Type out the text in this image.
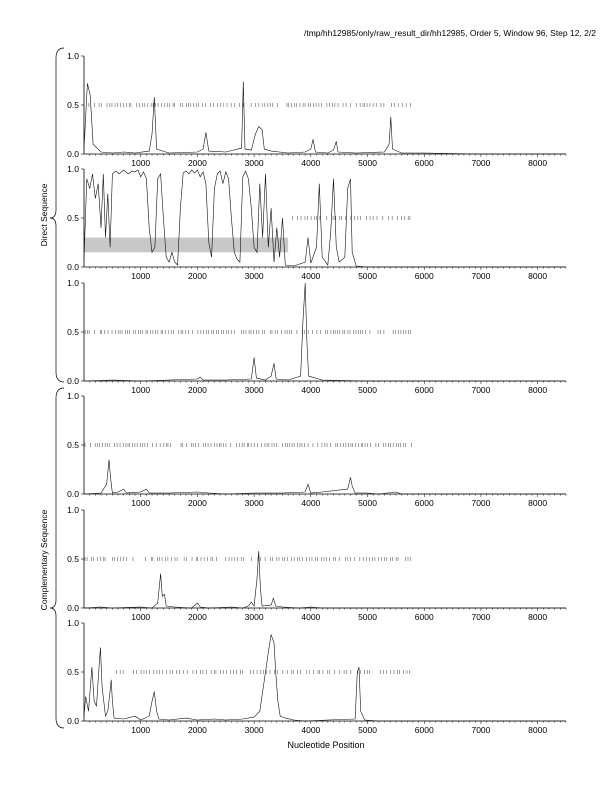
/tmp/hh12985/only/raw_result_dir/hh12985, Order 5, Window 96, Step 12, 2/2
0.0
0.5
1.0
1000	2000	3000	4000	5000	6000	7000	8000
0.0
0.5
1.0
1000	2000	3000	4000	5000	6000	7000	8000
0.0
0.5
1.0
1000	2000	3000	4000	5000	6000	7000	8000
0.0
0.5
1.0
1000	2000	3000	4000	5000	6000	7000	8000
0.0
0.5
1.0
1000	2000	3000	4000	5000	6000	7000	8000
0.0
0.5
1.0
1000	2000	3000	4000	5000	6000	7000	8000
Direct Sequence
Complementary Sequence
Nucleotide Position
